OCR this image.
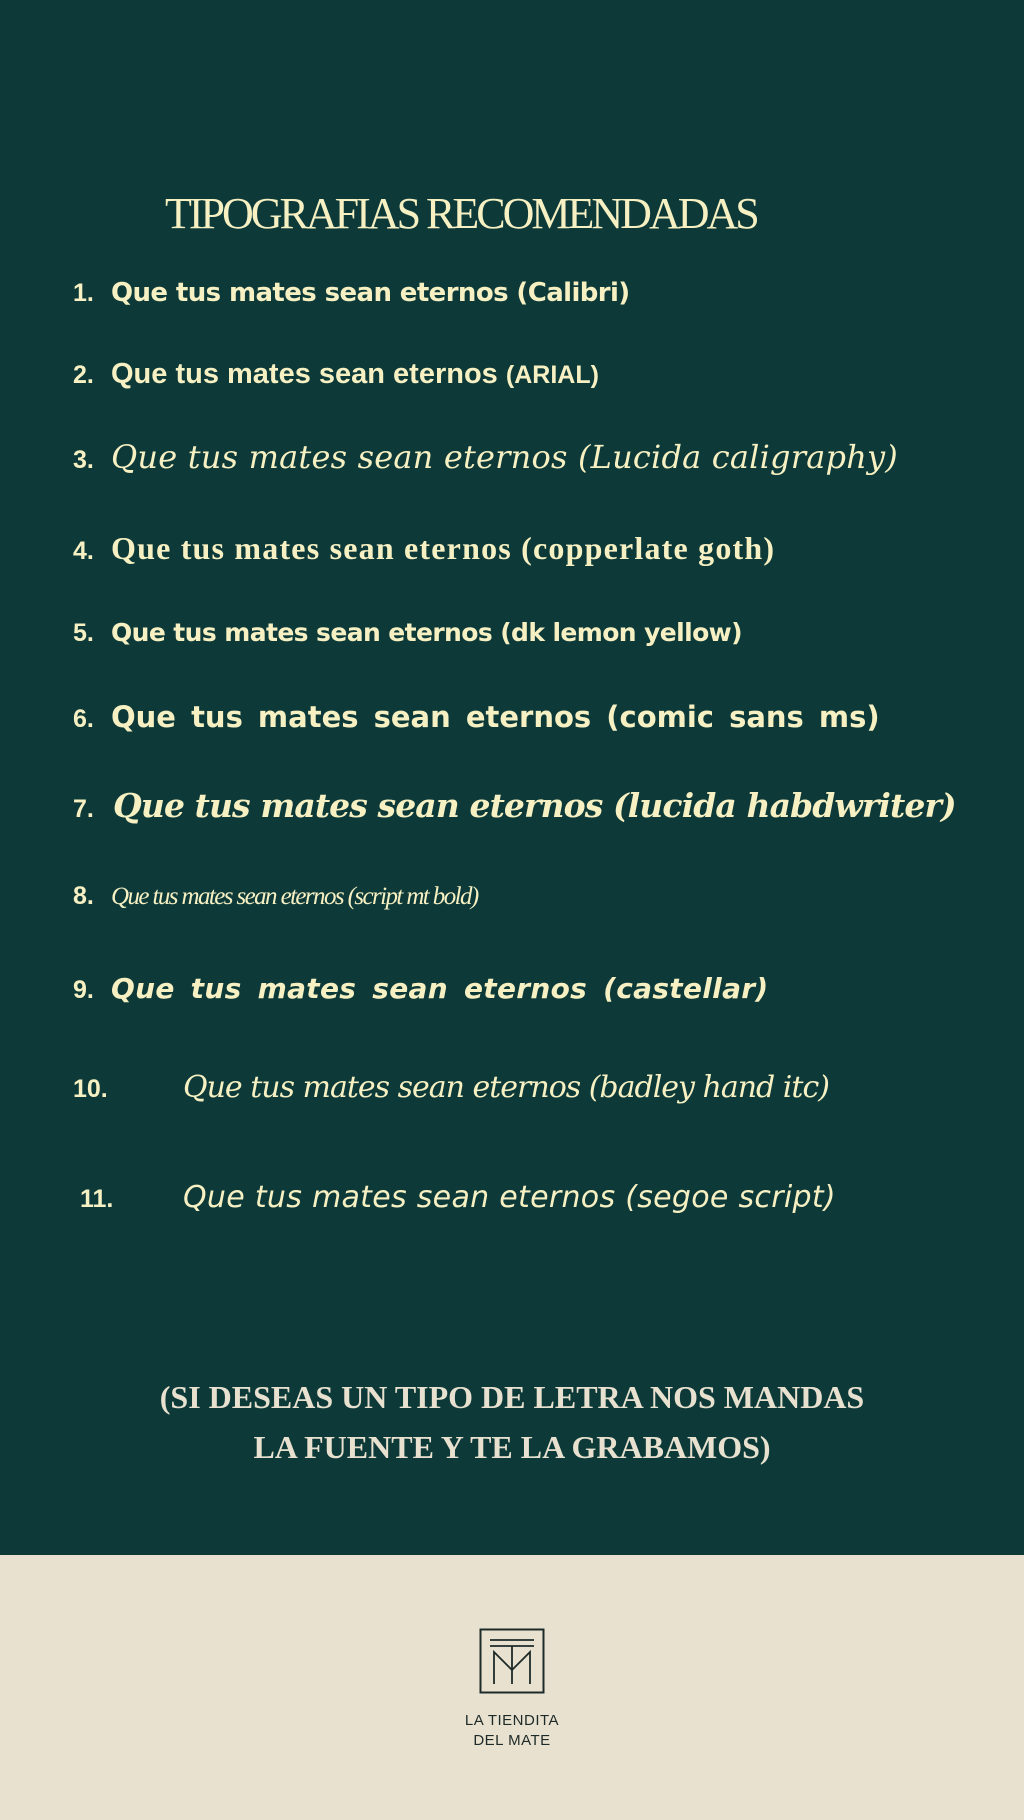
TIPOGRAFIAS RECOMENDADAS
1. Que tus mates sean eternos (Calibri)
2. Que tus mates sean eternos (ARIAL)
3. Que tus mates sean eternos (Lucida caligraphy)
4. Que tus mates sean eternos (copperlate goth)
5. Que tus mates sean eternos (dk lemon yellow)
6. Que tus mates sean eternos (comic sans ms)
7. Que tus mates sean eternos (lucida habdwriter)
8. Que tus mates sean eternos (script mt bold)
9. Que tus mates sean eternos (castellar)
10.	Que tus mates sean eternos (badley hand itc)
11.	Que tus mates sean eternos (segoe script)
(SI DESEAS UN TIPO DE LETRA NOS MANDAS
LA FUENTE Y TE LA GRABAMOS)
LA TIENDITA
DEL MATE
